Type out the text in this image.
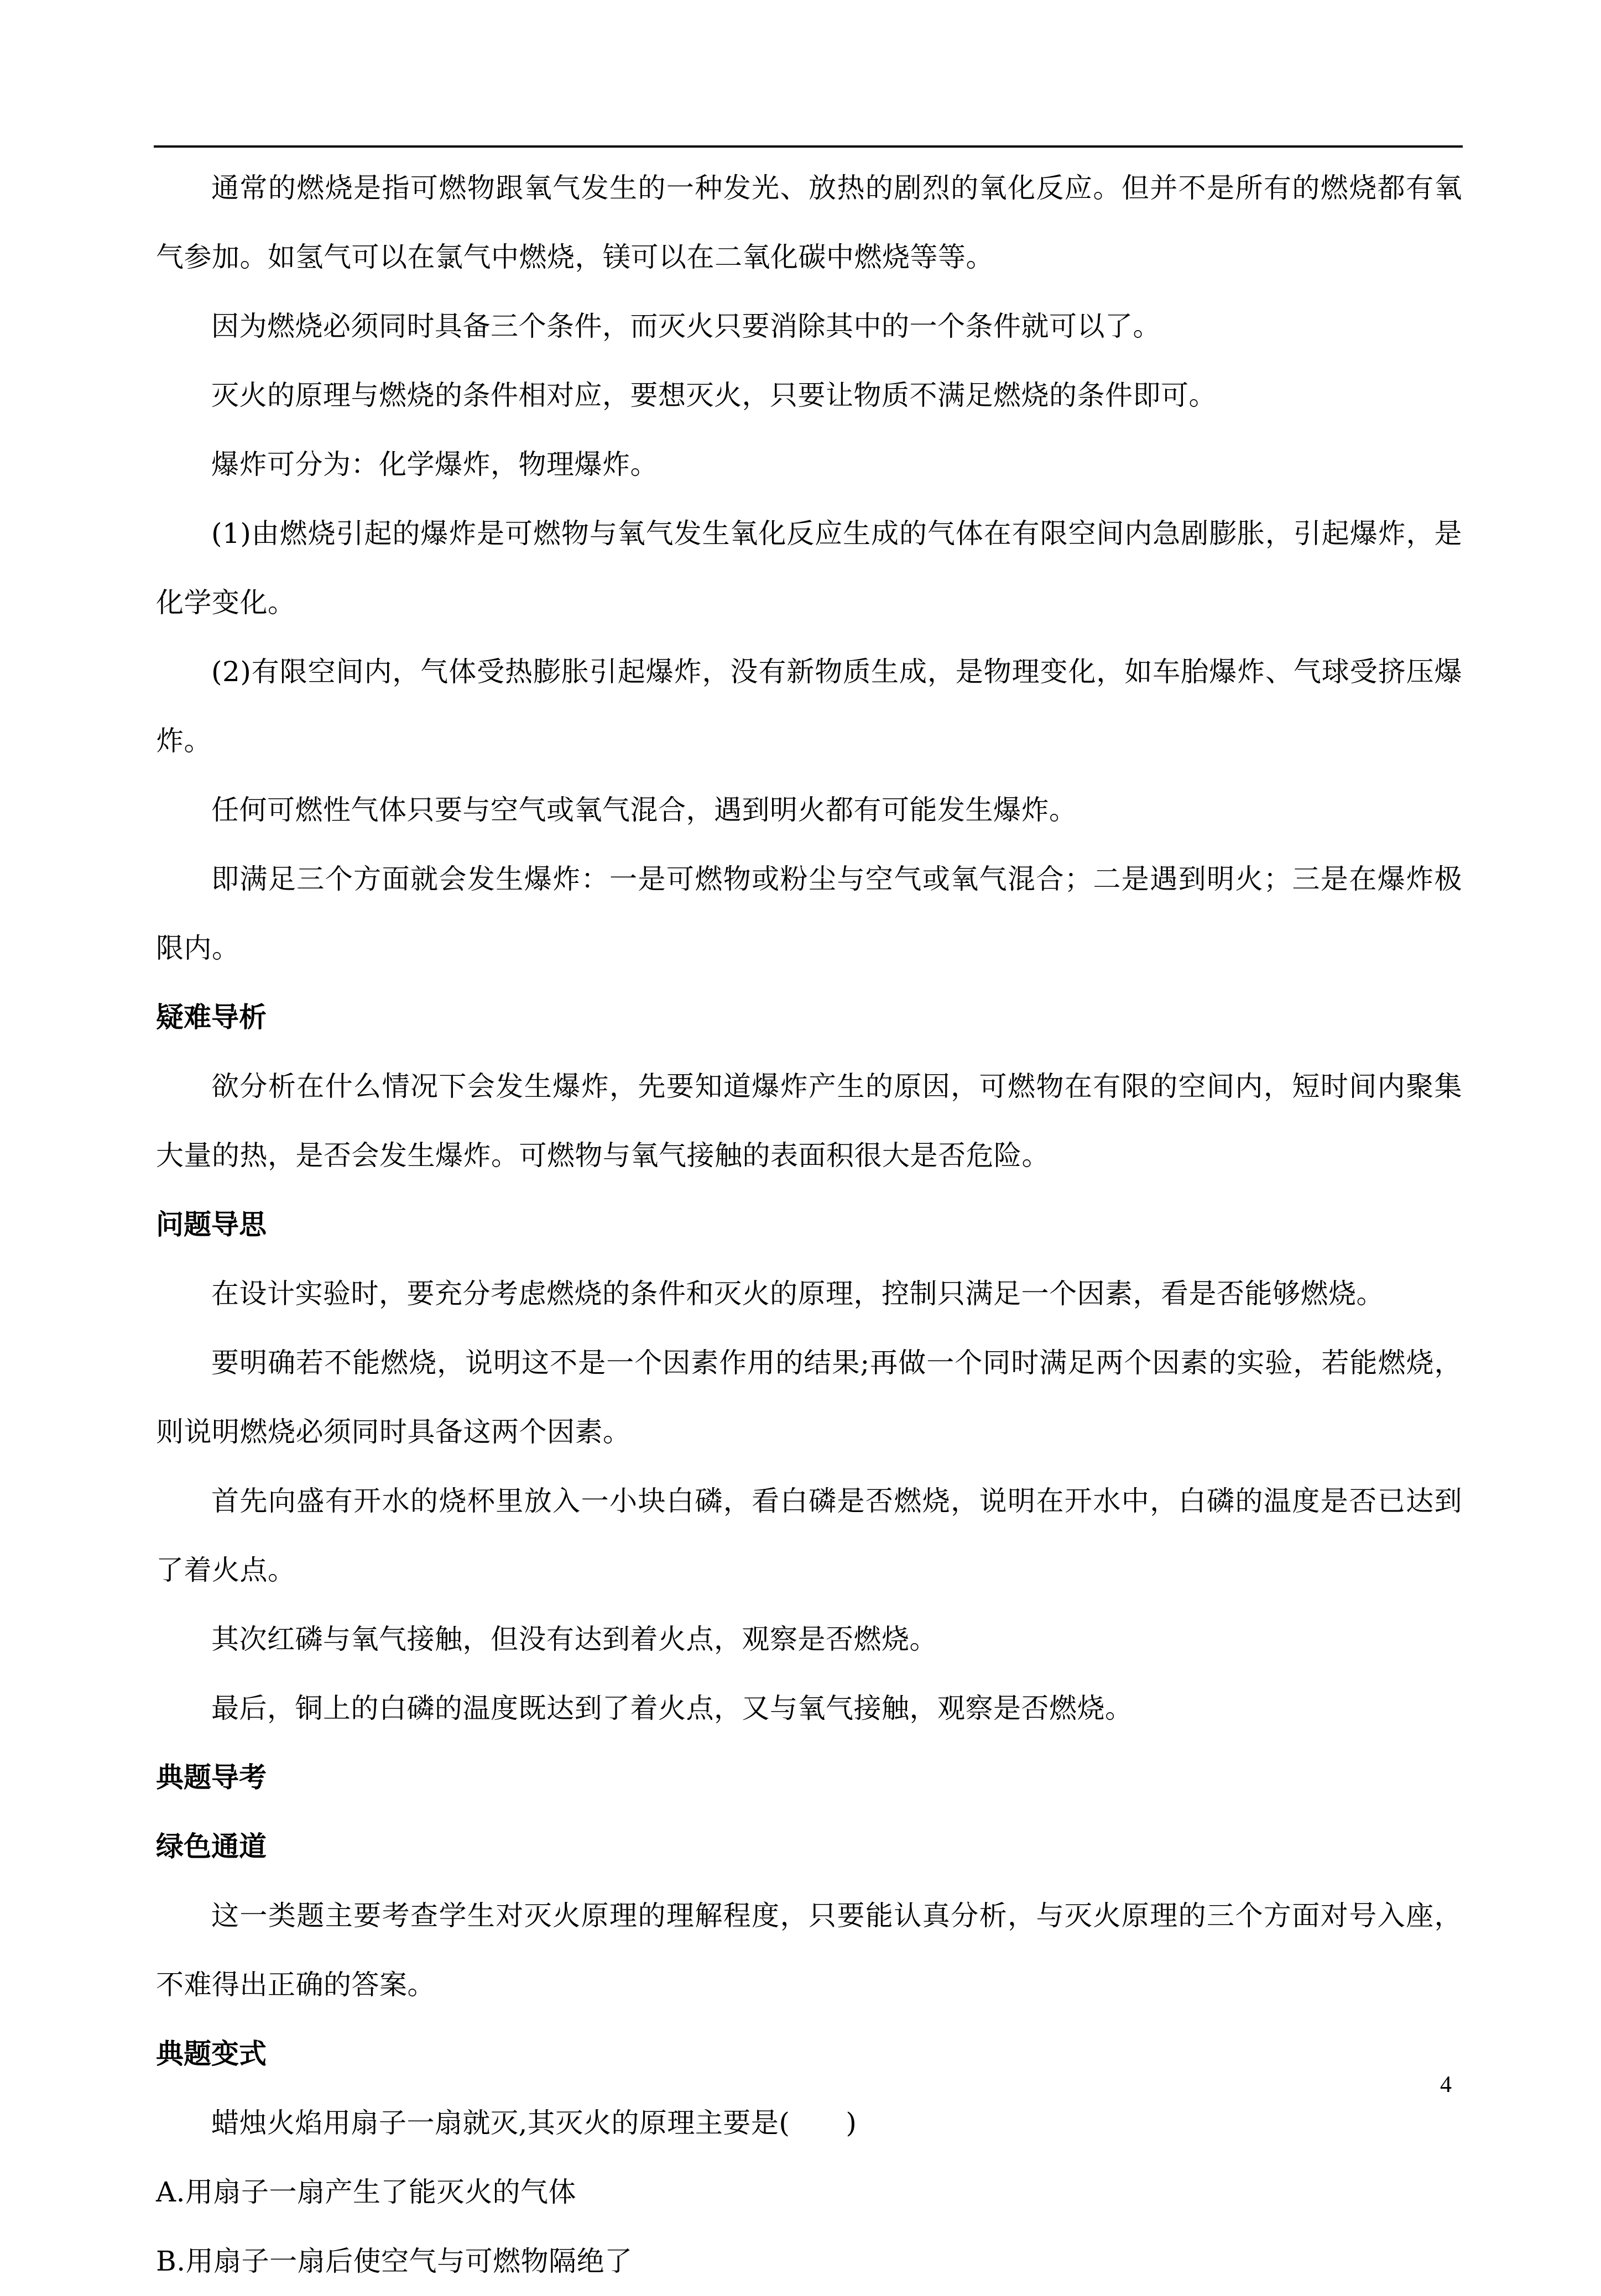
通常的燃烧是指可燃物跟氧气发生的一种发光、放热的剧烈的氧化反应。但并不是所有的燃烧都有氧气参加。如氢气可以在氯气中燃烧，镁可以在二氧化碳中燃烧等等。

因为燃烧必须同时具备三个条件，而灭火只要消除其中的一个条件就可以了。

灭火的原理与燃烧的条件相对应，要想灭火，只要让物质不满足燃烧的条件即可。

爆炸可分为：化学爆炸，物理爆炸。

(1)由燃烧引起的爆炸是可燃物与氧气发生氧化反应生成的气体在有限空间内急剧膨胀，引起爆炸，是化学变化。

(2)有限空间内，气体受热膨胀引起爆炸，没有新物质生成，是物理变化，如车胎爆炸、气球受挤压爆炸。

任何可燃性气体只要与空气或氧气混合，遇到明火都有可能发生爆炸。

即满足三个方面就会发生爆炸：一是可燃物或粉尘与空气或氧气混合；二是遇到明火；三是在爆炸极限内。

疑难导析

欲分析在什么情况下会发生爆炸，先要知道爆炸产生的原因，可燃物在有限的空间内，短时间内聚集大量的热，是否会发生爆炸。可燃物与氧气接触的表面积很大是否危险。

问题导思

在设计实验时，要充分考虑燃烧的条件和灭火的原理，控制只满足一个因素，看是否能够燃烧。

要明确若不能燃烧，说明这不是一个因素作用的结果;再做一个同时满足两个因素的实验，若能燃烧，则说明燃烧必须同时具备这两个因素。

首先向盛有开水的烧杯里放入一小块白磷，看白磷是否燃烧，说明在开水中，白磷的温度是否已达到了着火点。

其次红磷与氧气接触，但没有达到着火点，观察是否燃烧。

最后，铜上的白磷的温度既达到了着火点，又与氧气接触，观察是否燃烧。

典题导考

绿色通道

这一类题主要考查学生对灭火原理的理解程度，只要能认真分析，与灭火原理的三个方面对号入座，不难得出正确的答案。

典题变式

蜡烛火焰用扇子一扇就灭,其灭火的原理主要是(　　)

A.用扇子一扇产生了能灭火的气体

B.用扇子一扇后使空气与可燃物隔绝了

4
